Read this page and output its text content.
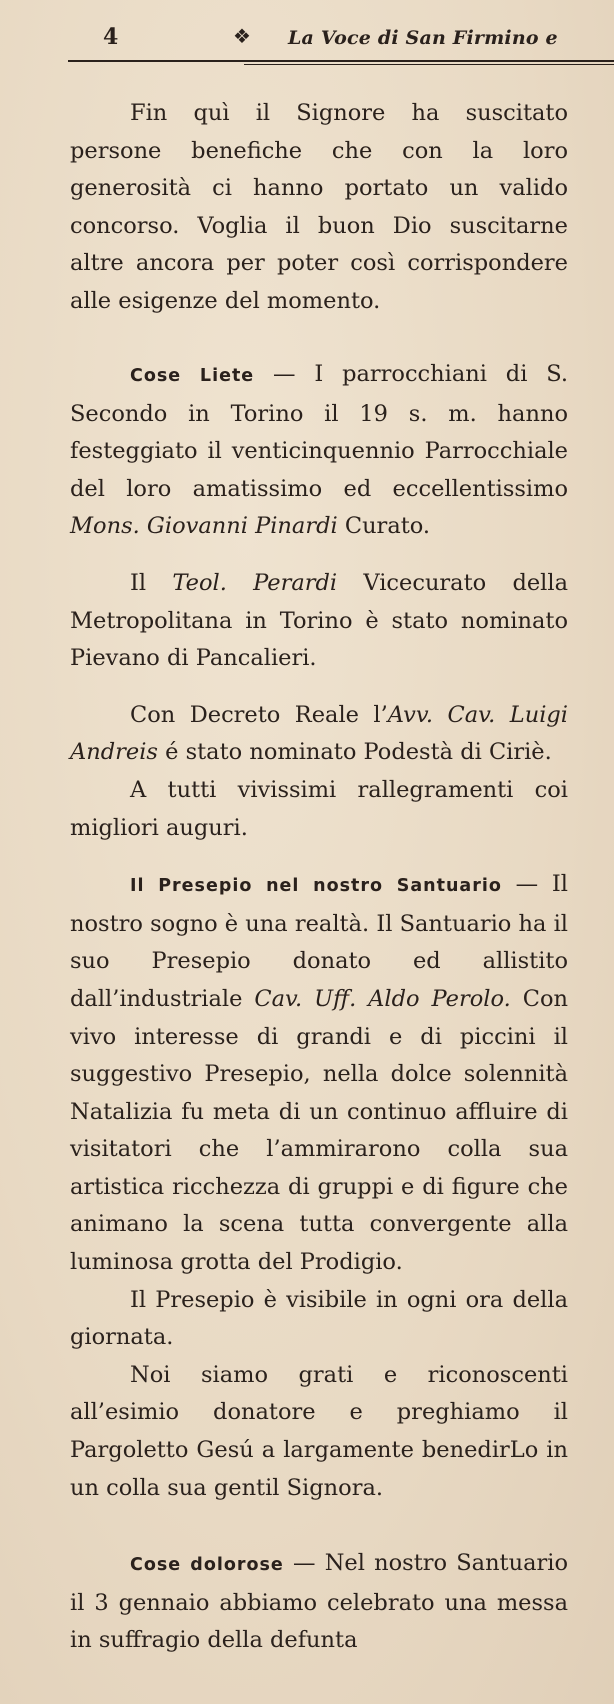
4	❖ La Voce di San Firmino e

Fin quì il Signore ha suscitato persone benefiche che con la loro generosità ci hanno portato un valido concorso. Voglia il buon Dio suscitarne altre ancora per poter così corrispondere alle esigenze del momento.

Cose Liete — I parrocchiani di S. Secondo in Torino il 19 s. m. hanno festeggiato il venticinquennio Parrocchiale del loro amatissimo ed eccellentissimo Mons. Giovanni Pinardi Curato.

Il Teol. Perardi Vicecurato della Metropolitana in Torino è stato nominato Pievano di Pancalieri.

Con Decreto Reale l’Avv. Cav. Luigi Andreis é stato nominato Podestà di Ciriè.

A tutti vivissimi rallegramenti coi migliori auguri.

Il Presepio nel nostro Santuario — Il nostro sogno è una realtà. Il Santuario ha il suo Presepio donato ed allistito dall’industriale Cav. Uff. Aldo Perolo. Con vivo interesse di grandi e di piccini il suggestivo Presepio, nella dolce solennità Natalizia fu meta di un continuo affluire di visitatori che l’ammirarono colla sua artistica ricchezza di gruppi e di figure che animano la scena tutta convergente alla luminosa grotta del Prodigio.

Il Presepio è visibile in ogni ora della giornata.

Noi siamo grati e riconoscenti all’esimio donatore e preghiamo il Pargoletto Gesú a largamente benedirLo in un colla sua gentil Signora.

Cose dolorose — Nel nostro Santuario il 3 gennaio abbiamo celebrato una messa in suffragio della defunta
